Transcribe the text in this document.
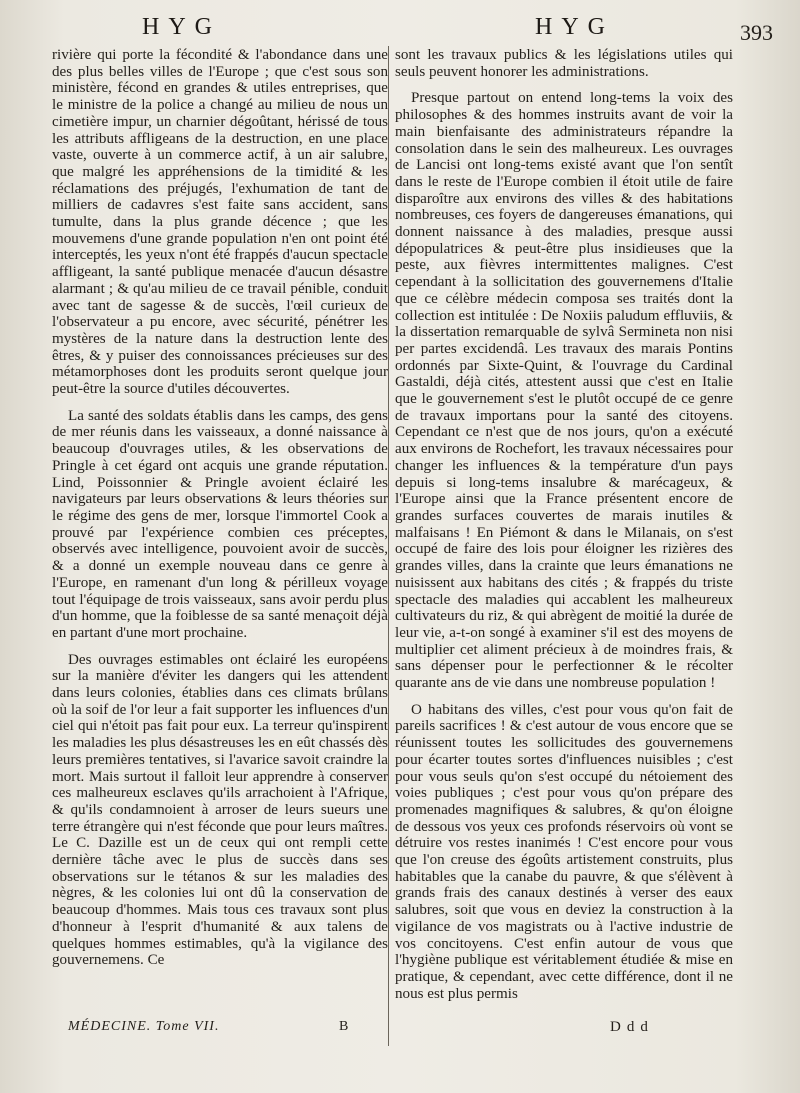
HYG	HYG	393

rivière qui porte la fécondité & l'abondance dans une des plus belles villes de l'Europe ; que c'est sous son ministère, fécond en grandes & utiles entreprises, que le ministre de la police a changé au milieu de nous un cimetière impur, un charnier dégoûtant, hérissé de tous les attributs affligeans de la destruction, en une place vaste, ouverte à un commerce actif, à un air salubre, que malgré les appréhensions de la timidité & les réclamations des préjugés, l'exhumation de tant de milliers de cadavres s'est faite sans accident, sans tumulte, dans la plus grande décence ; que les mouvemens d'une grande population n'en ont point été interceptés, les yeux n'ont été frappés d'aucun spectacle affligeant, la santé publique menacée d'aucun désastre alarmant ; & qu'au milieu de ce travail pénible, conduit avec tant de sagesse & de succès, l'œil curieux de l'observateur a pu encore, avec sécurité, pénétrer les mystères de la nature dans la destruction lente des êtres, & y puiser des connoissances précieuses sur des métamorphoses dont les produits seront quelque jour peut-être la source d'utiles découvertes.

La santé des soldats établis dans les camps, des gens de mer réunis dans les vaisseaux, a donné naissance à beaucoup d'ouvrages utiles, & les observations de Pringle à cet égard ont acquis une grande réputation. Lind, Poissonnier & Pringle avoient éclairé les navigateurs par leurs observations & leurs théories sur le régime des gens de mer, lorsque l'immortel Cook a prouvé par l'expérience combien ces préceptes, observés avec intelligence, pouvoient avoir de succès, & a donné un exemple nouveau dans ce genre à l'Europe, en ramenant d'un long & périlleux voyage tout l'équipage de trois vaisseaux, sans avoir perdu plus d'un homme, que la foiblesse de sa santé menaçoit déjà en partant d'une mort prochaine.

Des ouvrages estimables ont éclairé les européens sur la manière d'éviter les dangers qui les attendent dans leurs colonies, établies dans ces climats brûlans où la soif de l'or leur a fait supporter les influences d'un ciel qui n'étoit pas fait pour eux. La terreur qu'inspirent les maladies les plus désastreuses les en eût chassés dès leurs premières tentatives, si l'avarice savoit craindre la mort. Mais surtout il falloit leur apprendre à conserver ces malheureux esclaves qu'ils arrachoient à l'Afrique, & qu'ils condamnoient à arroser de leurs sueurs une terre étrangère qui n'est féconde que pour leurs maîtres. Le C. Dazille est un de ceux qui ont rempli cette dernière tâche avec le plus de succès dans ses observations sur le tétanos & sur les maladies des nègres, & les colonies lui ont dû la conservation de beaucoup d'hommes. Mais tous ces travaux sont plus d'honneur à l'esprit d'humanité & aux talens de quelques hommes estimables, qu'à la vigilance des gouvernemens. Ce

sont les travaux publics & les législations utiles qui seuls peuvent honorer les administrations.

Presque partout on entend long-tems la voix des philosophes & des hommes instruits avant de voir la main bienfaisante des administrateurs répandre la consolation dans le sein des malheureux. Les ouvrages de Lancisi ont long-tems existé avant que l'on sentît dans le reste de l'Europe combien il étoit utile de faire disparoître aux environs des villes & des habitations nombreuses, ces foyers de dangereuses émanations, qui donnent naissance à des maladies, presque aussi dépopulatrices & peut-être plus insidieuses que la peste, aux fièvres intermittentes malignes. C'est cependant à la sollicitation des gouvernemens d'Italie que ce célèbre médecin composa ses traités dont la collection est intitulée : De Noxiis paludum effluviis, & la dissertation remarquable de sylvâ Sermineta non nisi per partes excidendâ. Les travaux des marais Pontins ordonnés par Sixte-Quint, & l'ouvrage du Cardinal Gastaldi, déjà cités, attestent aussi que c'est en Italie que le gouvernement s'est le plutôt occupé de ce genre de travaux importans pour la santé des citoyens. Cependant ce n'est que de nos jours, qu'on a exécuté aux environs de Rochefort, les travaux nécessaires pour changer les influences & la température d'un pays depuis si long-tems insalubre & marécageux, & l'Europe ainsi que la France présentent encore de grandes surfaces couvertes de marais inutiles & malfaisans ! En Piémont & dans le Milanais, on s'est occupé de faire des lois pour éloigner les rizières des grandes villes, dans la crainte que leurs émanations ne nuisissent aux habitans des cités ; & frappés du triste spectacle des maladies qui accablent les malheureux cultivateurs du riz, & qui abrègent de moitié la durée de leur vie, a-t-on songé à examiner s'il est des moyens de multiplier cet aliment précieux à de moindres frais, & sans dépenser pour le perfectionner & le récolter quarante ans de vie dans une nombreuse population !

O habitans des villes, c'est pour vous qu'on fait de pareils sacrifices ! & c'est autour de vous encore que se réunissent toutes les sollicitudes des gouvernemens pour écarter toutes sortes d'influences nuisibles ; c'est pour vous seuls qu'on s'est occupé du nétoiement des voies publiques ; c'est pour vous qu'on prépare des promenades magnifiques & salubres, & qu'on éloigne de dessous vos yeux ces profonds réservoirs où vont se détruire vos restes inanimés ! C'est encore pour vous que l'on creuse des égoûts artistement construits, plus habitables que la canabe du pauvre, & que s'élèvent à grands frais des canaux destinés à verser des eaux salubres, soit que vous en deviez la construction à la vigilance de vos magistrats ou à l'active industrie de vos concitoyens. C'est enfin autour de vous que l'hygiène publique est véritablement étudiée & mise en pratique, & cependant, avec cette différence, dont il ne nous est plus permis

MÉDECINE. Tome VII.	B	Ddd
